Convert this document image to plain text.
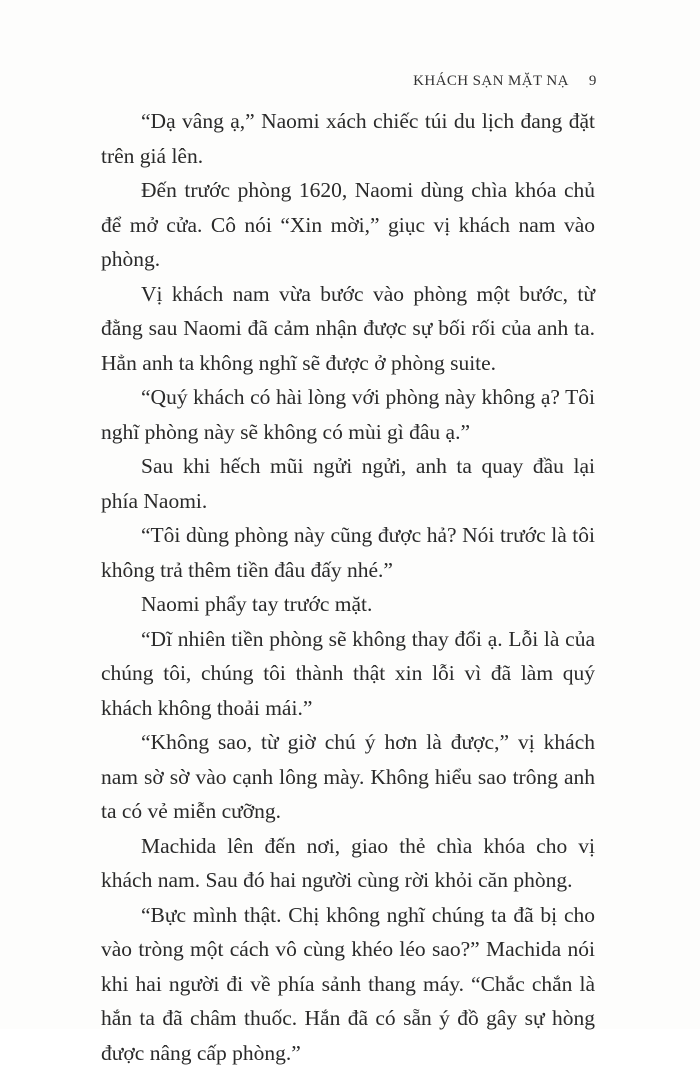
KHÁCH SẠN MẶT NẠ 9

“Dạ vâng ạ,” Naomi xách chiếc túi du lịch đang đặt trên giá lên.

Đến trước phòng 1620, Naomi dùng chìa khóa chủ để mở cửa. Cô nói “Xin mời,” giục vị khách nam vào phòng.

Vị khách nam vừa bước vào phòng một bước, từ đằng sau Naomi đã cảm nhận được sự bối rối của anh ta. Hẳn anh ta không nghĩ sẽ được ở phòng suite.

“Quý khách có hài lòng với phòng này không ạ? Tôi nghĩ phòng này sẽ không có mùi gì đâu ạ.”

Sau khi hếch mũi ngửi ngửi, anh ta quay đầu lại phía Naomi.

“Tôi dùng phòng này cũng được hả? Nói trước là tôi không trả thêm tiền đâu đấy nhé.”

Naomi phẩy tay trước mặt.

“Dĩ nhiên tiền phòng sẽ không thay đổi ạ. Lỗi là của chúng tôi, chúng tôi thành thật xin lỗi vì đã làm quý khách không thoải mái.”

“Không sao, từ giờ chú ý hơn là được,” vị khách nam sờ sờ vào cạnh lông mày. Không hiểu sao trông anh ta có vẻ miễn cưỡng.

Machida lên đến nơi, giao thẻ chìa khóa cho vị khách nam. Sau đó hai người cùng rời khỏi căn phòng.

“Bực mình thật. Chị không nghĩ chúng ta đã bị cho vào tròng một cách vô cùng khéo léo sao?” Machida nói khi hai người đi về phía sảnh thang máy. “Chắc chắn là hắn ta đã châm thuốc. Hắn đã có sẵn ý đồ gây sự hòng được nâng cấp phòng.”
